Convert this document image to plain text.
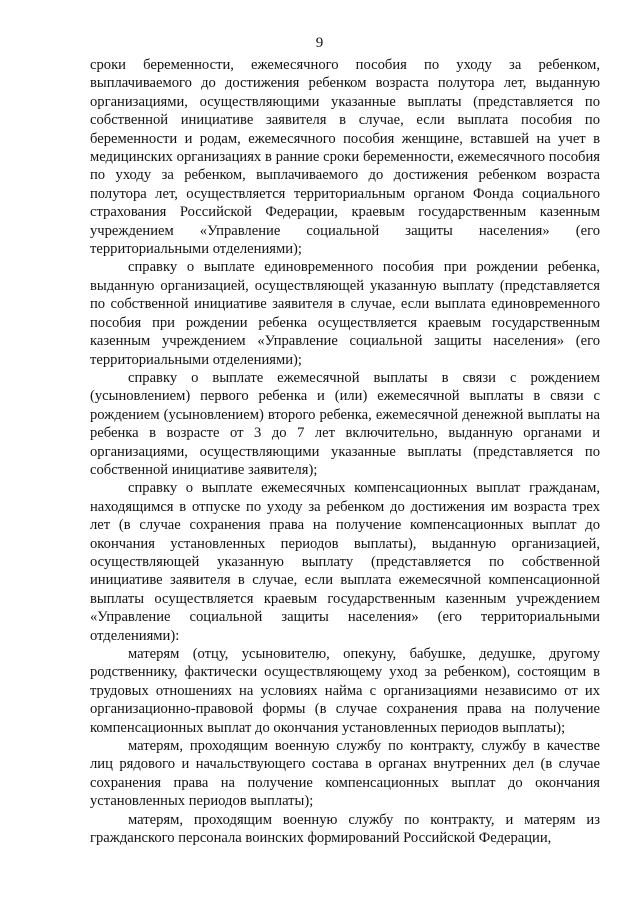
9

сроки беременности, ежемесячного пособия по уходу за ребенком, выплачиваемого до достижения ребенком возраста полутора лет, выданную организациями, осуществляющими указанные выплаты (представляется по собственной инициативе заявителя в случае, если выплата пособия по беременности и родам, ежемесячного пособия женщине, вставшей на учет в медицинских организациях в ранние сроки беременности, ежемесячного пособия по уходу за ребенком, выплачиваемого до достижения ребенком возраста полутора лет, осуществляется территориальным органом Фонда социального страхования Российской Федерации, краевым государственным казенным учреждением «Управление социальной защиты населения» (его территориальными отделениями);

справку о выплате единовременного пособия при рождении ребенка, выданную организацией, осуществляющей указанную выплату (представляется по собственной инициативе заявителя в случае, если выплата единовременного пособия при рождении ребенка осуществляется краевым государственным казенным учреждением «Управление социальной защиты населения» (его территориальными отделениями);

справку о выплате ежемесячной выплаты в связи с рождением (усыновлением) первого ребенка и (или) ежемесячной выплаты в связи с рождением (усыновлением) второго ребенка, ежемесячной денежной выплаты на ребенка в возрасте от 3 до 7 лет включительно, выданную органами и организациями, осуществляющими указанные выплаты (представляется по собственной инициативе заявителя);

справку о выплате ежемесячных компенсационных выплат гражданам, находящимся в отпуске по уходу за ребенком до достижения им возраста трех лет (в случае сохранения права на получение компенсационных выплат до окончания установленных периодов выплаты), выданную организацией, осуществляющей указанную выплату (представляется по собственной инициативе заявителя в случае, если выплата ежемесячной компенсационной выплаты осуществляется краевым государственным казенным учреждением «Управление социальной защиты населения» (его территориальными отделениями):

матерям (отцу, усыновителю, опекуну, бабушке, дедушке, другому родственнику, фактически осуществляющему уход за ребенком), состоящим в трудовых отношениях на условиях найма с организациями независимо от их организационно-правовой формы (в случае сохранения права на получение компенсационных выплат до окончания установленных периодов выплаты);

матерям, проходящим военную службу по контракту, службу в качестве лиц рядового и начальствующего состава в органах внутренних дел (в случае сохранения права на получение компенсационных выплат до окончания установленных периодов выплаты);

матерям, проходящим военную службу по контракту, и матерям из гражданского персонала воинских формирований Российской Федерации,
